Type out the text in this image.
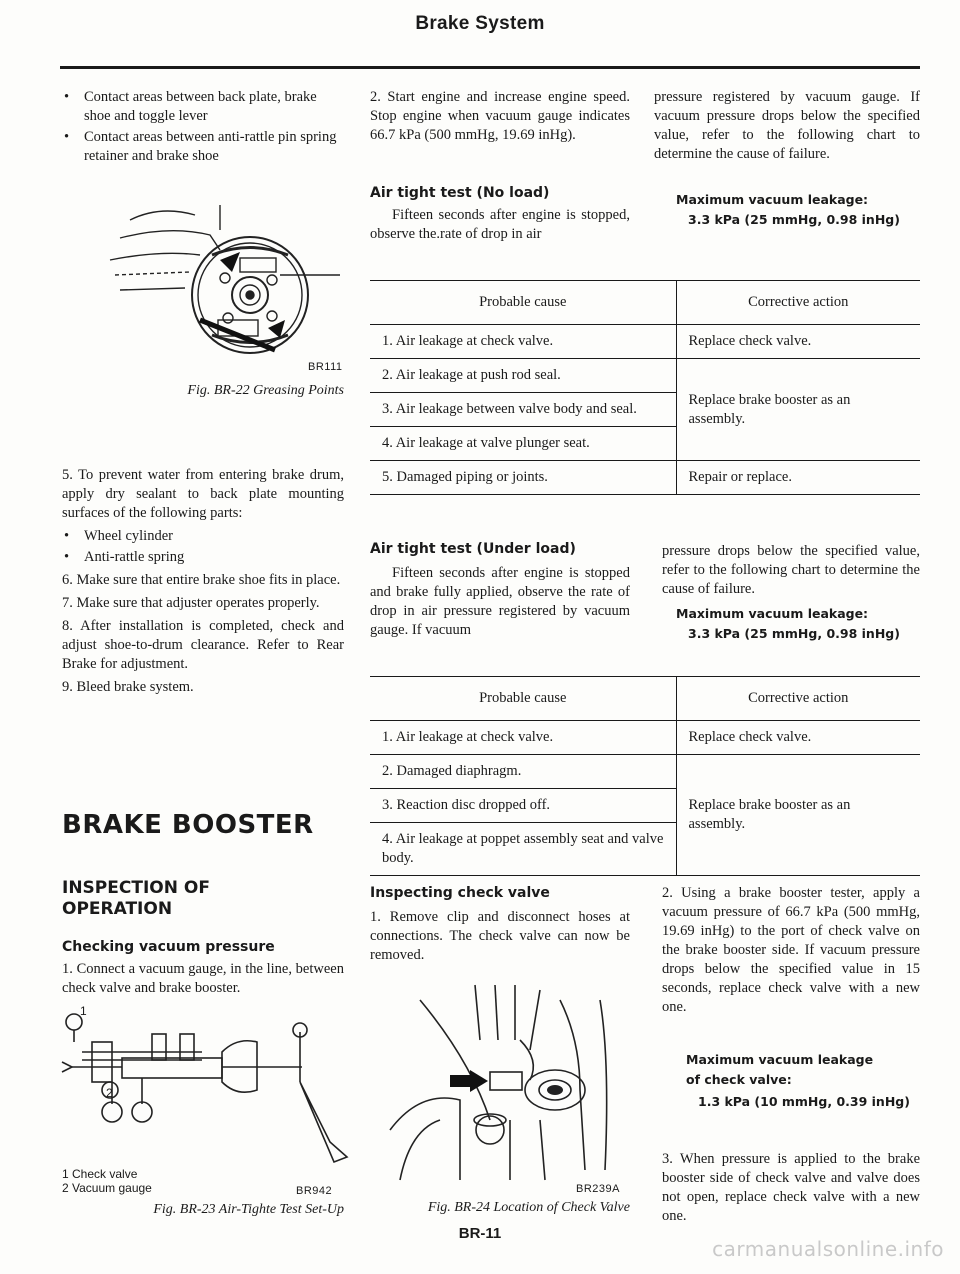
Brake System
• Contact areas between back plate, brake shoe and toggle lever
• Contact areas between anti-rattle pin spring retainer and brake shoe
BR111
Fig. BR-22 Greasing Points

5. To prevent water from entering brake drum, apply dry sealant to back plate mounting surfaces of the following parts:

• Wheel cylinder
• Anti-rattle spring

6. Make sure that entire brake shoe fits in place.

7. Make sure that adjuster operates properly.

8. After installation is completed, check and adjust shoe-to-drum clearance. Refer to Rear Brake for adjustment.

9. Bleed brake system.

BRAKE BOOSTER
INSPECTION OF OPERATION
Checking vacuum pressure

1. Connect a vacuum gauge, in the line, between check valve and brake booster.

1
2
1 Check valve
2 Vacuum gauge	BR942
Fig. BR-23 Air-Tighte Test Set-Up

2. Start engine and increase engine speed. Stop engine when vacuum gauge indicates 66.7 kPa (500 mmHg, 19.69 inHg).

Air tight test (No load)

Fifteen seconds after engine is stopped, observe the.rate of drop in air

pressure registered by vacuum gauge. If vacuum pressure drops below the specified value, refer to the following chart to determine the cause of failure.

Maximum vacuum leakage:
3.3 kPa (25 mmHg, 0.98 inHg)
Probable cause	Corrective action
1. Air leakage at check valve.	Replace check valve.
2. Air leakage at push rod seal.	Replace brake booster as an assembly.
3. Air leakage between valve body and seal.	
4. Air leakage at valve plunger seat.	
5. Damaged piping or joints.	Repair or replace.
Air tight test (Under load)

Fifteen seconds after engine is stopped and brake fully applied, observe the rate of drop in air pressure registered by vacuum gauge. If vacuum

pressure drops below the specified value, refer to the following chart to determine the cause of failure.

Maximum vacuum leakage:
3.3 kPa (25 mmHg, 0.98 inHg)
Probable cause	Corrective action
1. Air leakage at check valve.	Replace check valve.
2. Damaged diaphragm.	Replace brake booster as an assembly.
3. Reaction disc dropped off.	
4. Air leakage at poppet assembly seat and valve body.	
Inspecting check valve

1. Remove clip and disconnect hoses at connections. The check valve can now be removed.

BR239A
Fig. BR-24 Location of Check Valve

2. Using a brake booster tester, apply a vacuum pressure of 66.7 kPa (500 mmHg, 19.69 inHg) to the port of check valve on the brake booster side. If vacuum pressure drops below the specified value in 15 seconds, replace check valve with a new one.

Maximum vacuum leakage
of check valve:
1.3 kPa (10 mmHg, 0.39 inHg)

3. When pressure is applied to the brake booster side of check valve and valve does not open, replace check valve with a new one.

BR-11
carmanualsonline.info
